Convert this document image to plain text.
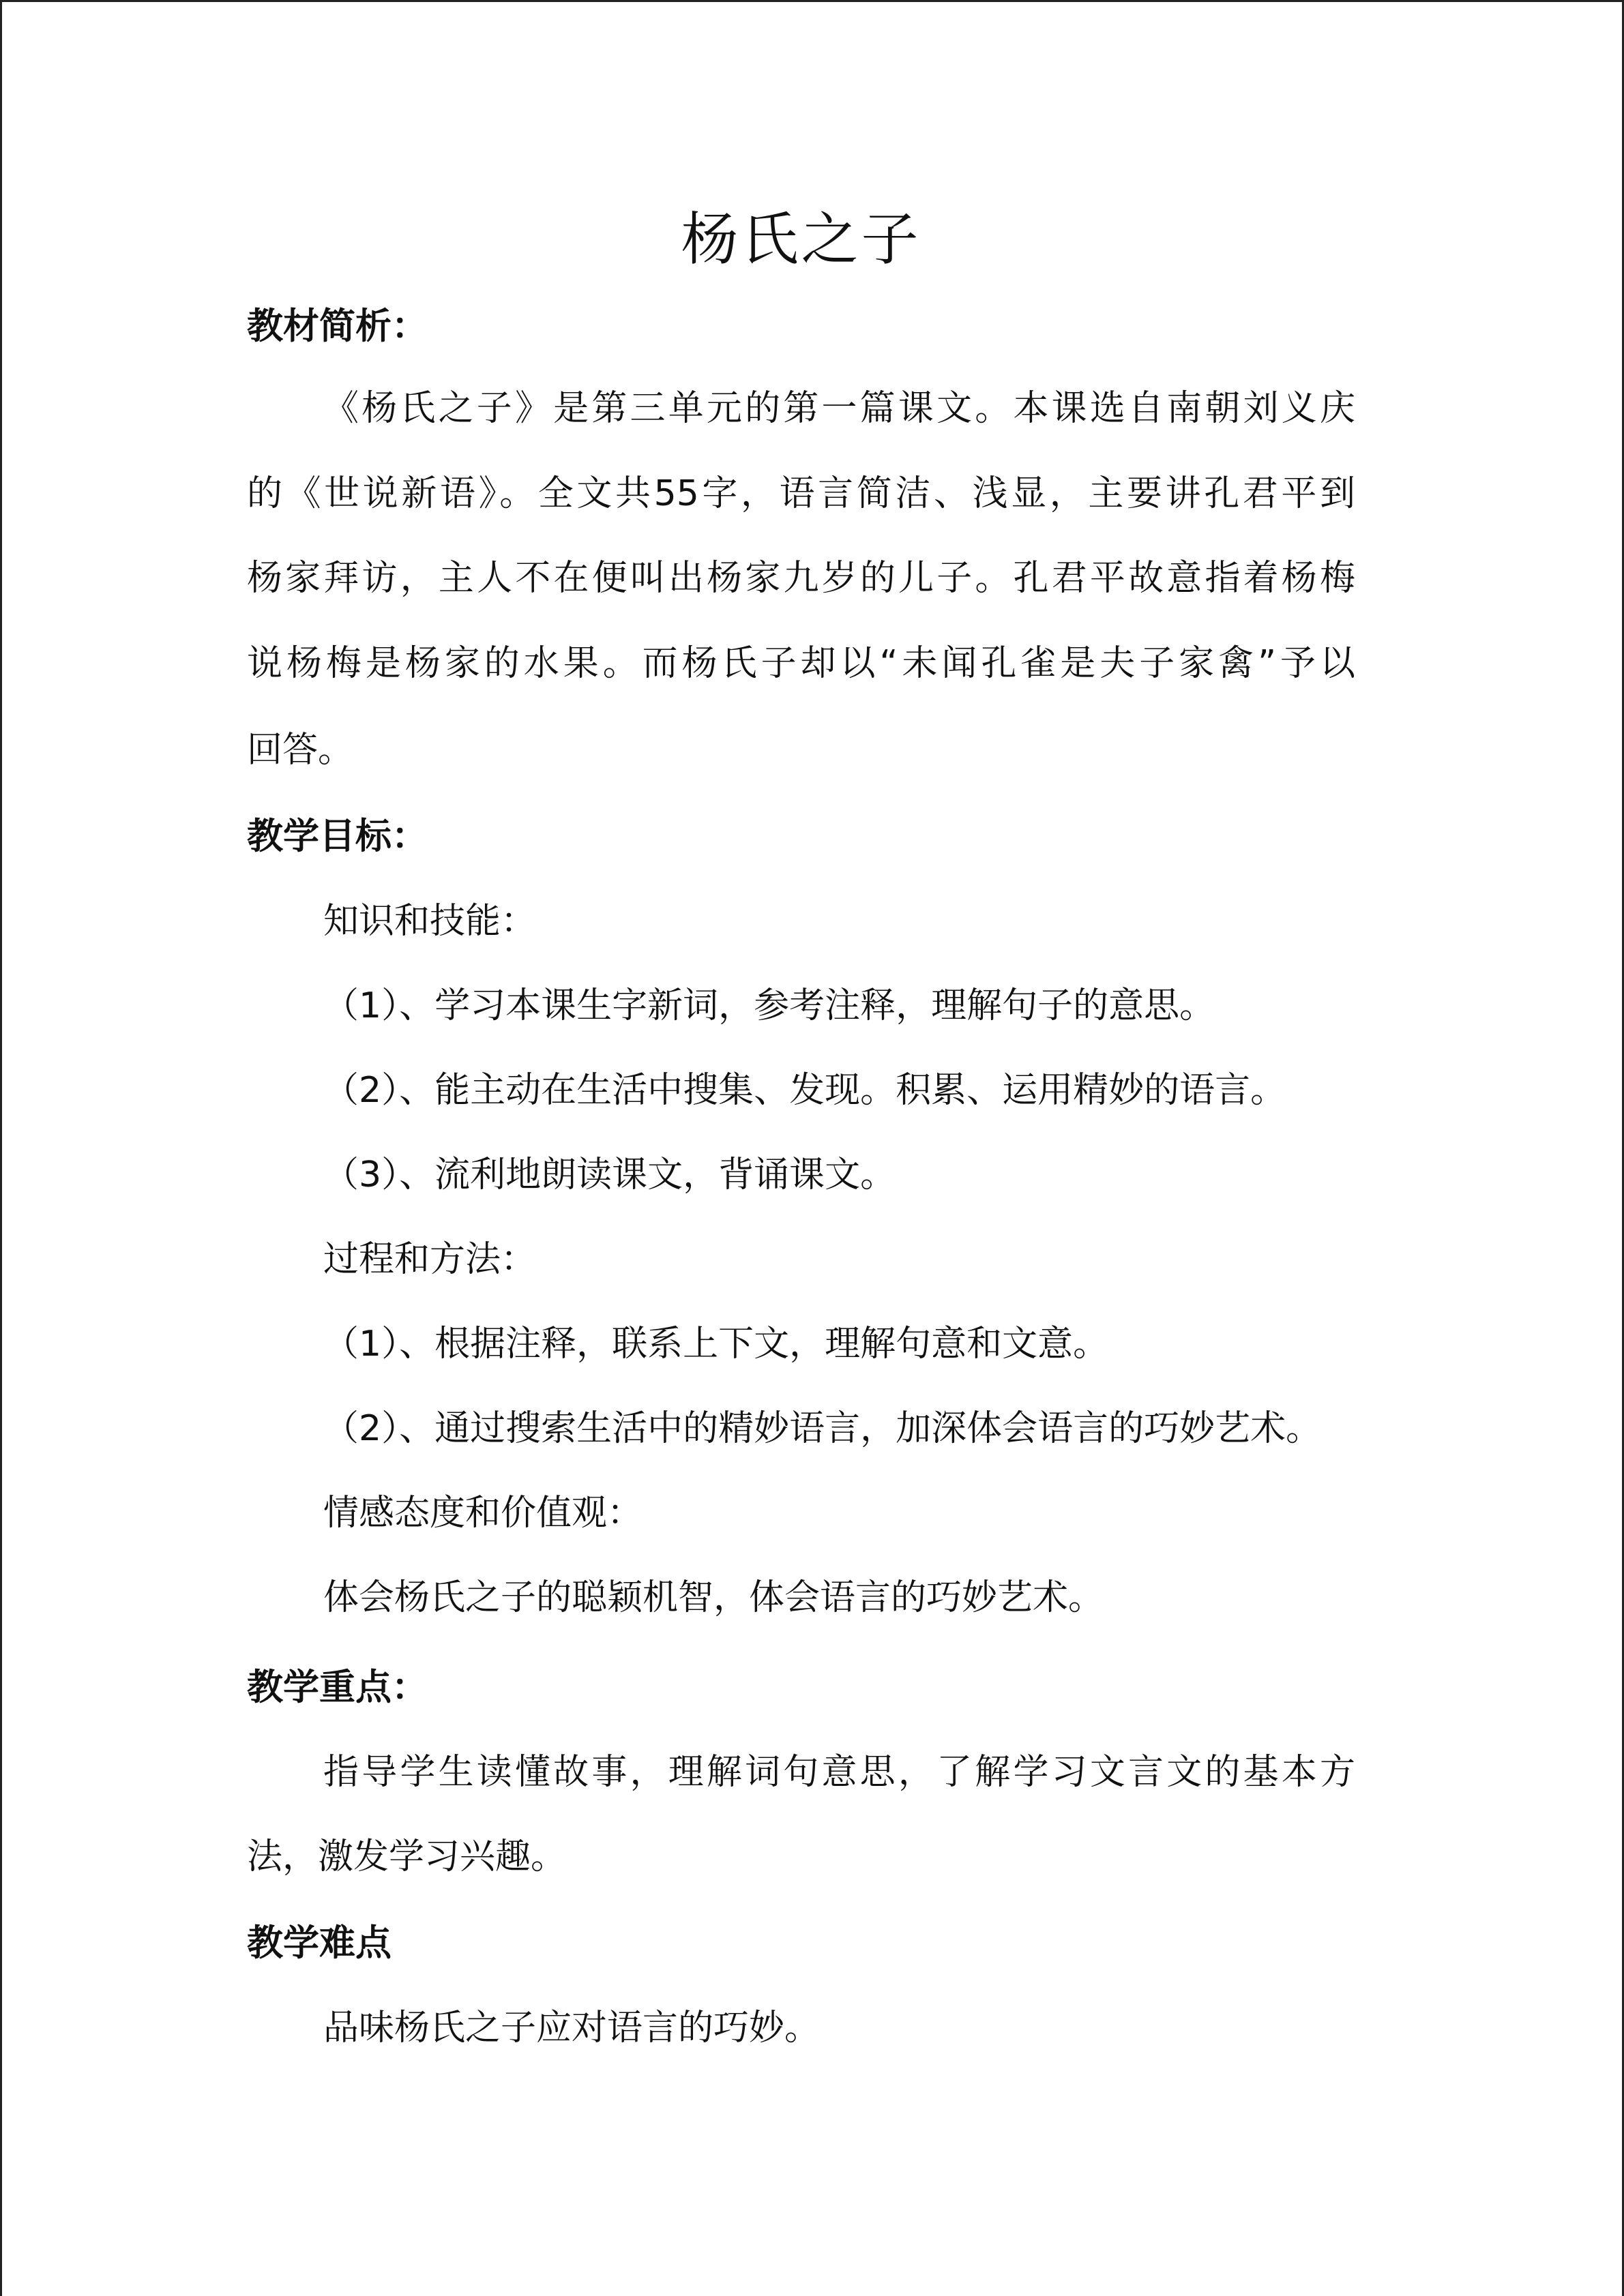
杨氏之子
教材简析：
《杨氏之子》是第三单元的第一篇课文。本课选自南朝刘义庆
的《世说新语》。全文共55字，语言简洁、浅显，主要讲孔君平到
杨家拜访，主人不在便叫出杨家九岁的儿子。孔君平故意指着杨梅
说杨梅是杨家的水果。而杨氏子却以“未闻孔雀是夫子家禽”予以
回答。
教学目标：
知识和技能：
（1）、学习本课生字新词，参考注释，理解句子的意思。
（2）、能主动在生活中搜集、发现。积累、运用精妙的语言。
（3）、流利地朗读课文，背诵课文。
过程和方法：
（1）、根据注释，联系上下文，理解句意和文意。
（2）、通过搜索生活中的精妙语言，加深体会语言的巧妙艺术。
情感态度和价值观：
体会杨氏之子的聪颖机智，体会语言的巧妙艺术。
教学重点：
指导学生读懂故事，理解词句意思，了解学习文言文的基本方
法，激发学习兴趣。
教学难点
品味杨氏之子应对语言的巧妙。
